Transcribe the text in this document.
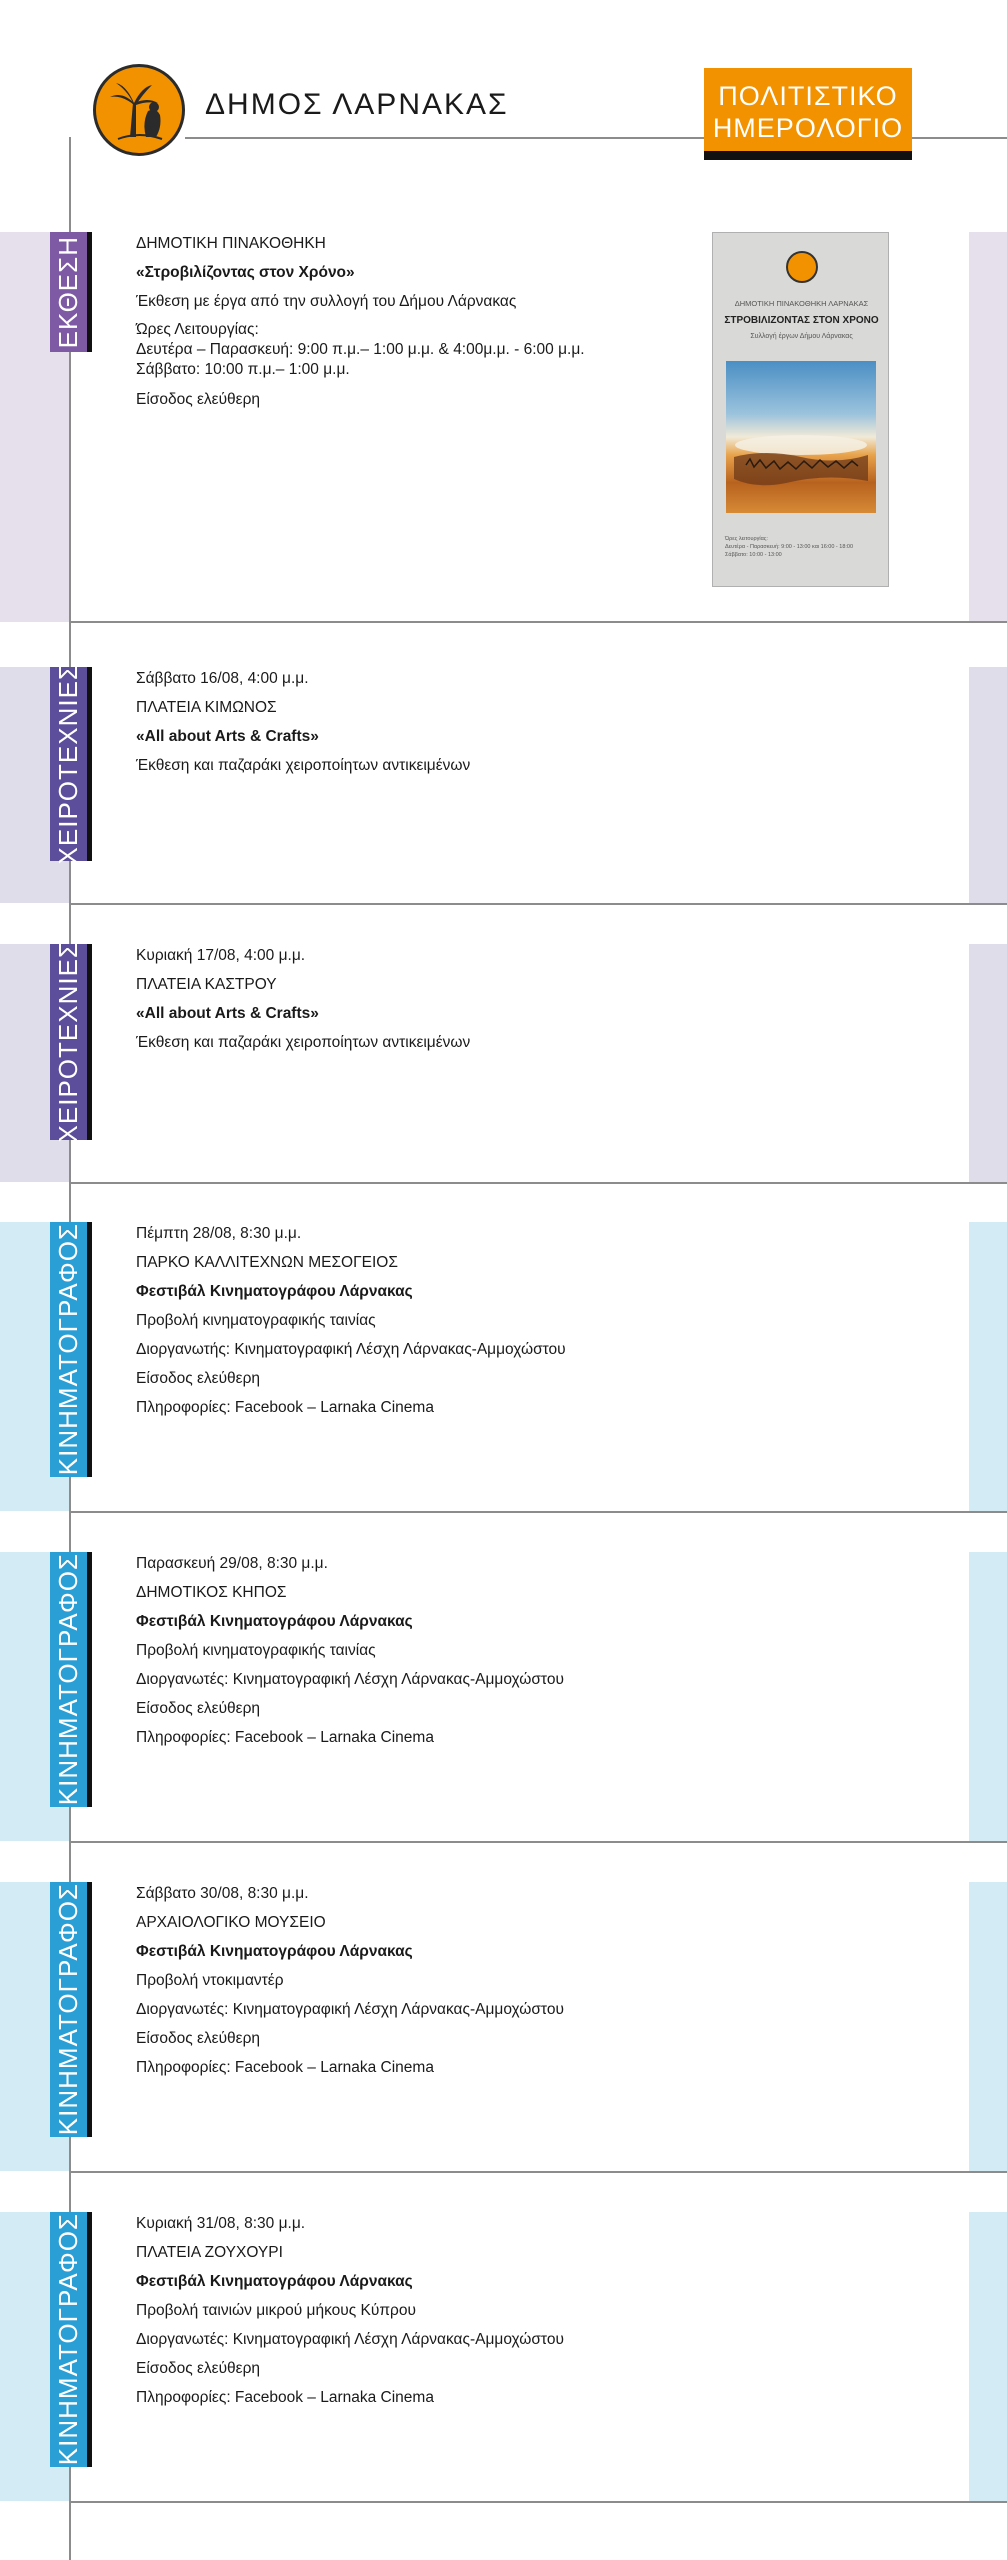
ΔΗΜΟΣ ΛΑΡΝΑΚΑΣ	ΠΟΛΙΤΙΣΤΙΚΟ
ΗΜΕΡΟΛΟΓΙΟ
ΕΚΘΕΣΗ	ΔΗΜΟΤΙΚΗ ΠΙΝΑΚΟΘΗΚΗ
«Στροβιλίζοντας στον Χρόνο»
Έκθεση με έργα από την συλλογή του Δήμου Λάρνακας
Ώρες Λειτουργίας:
Δευτέρα – Παρασκευή: 9:00 π.μ.– 1:00 μ.μ. & 4:00μ.μ. - 6:00 μ.μ.
Σάββατο: 10:00 π.μ.– 1:00 μ.μ.
Είσοδος ελεύθερη
ΔΗΜΟΤΙΚΗ ΠΙΝΑΚΟΘΗΚΗ ΛΑΡΝΑΚΑΣ
ΣΤΡΟΒΙΛΙΖΟΝΤΑΣ ΣΤΟΝ ΧΡΟΝΟ
Συλλογή έργων Δήμου Λάρνακας
Ώρες λειτουργίας:
Δευτέρα - Παρασκευή: 9:00 - 13:00 και 16:00 - 18:00
Σάββατο: 10:00 - 13:00
ΧΕΙΡΟΤΕΧΝΙΕΣ	Σάββατο 16/08, 4:00 μ.μ.
ΠΛΑΤΕΙΑ ΚΙΜΩΝΟΣ
«All about Arts & Crafts»
Έκθεση και παζαράκι χειροποίητων αντικειμένων
ΧΕΙΡΟΤΕΧΝΙΕΣ	Κυριακή 17/08, 4:00 μ.μ.
ΠΛΑΤΕΙΑ ΚΑΣΤΡΟΥ
«All about Arts & Crafts»
Έκθεση και παζαράκι χειροποίητων αντικειμένων
ΚΙΝΗΜΑΤΟΓΡΑΦΟΣ	Πέμπτη 28/08, 8:30 μ.μ.
ΠΑΡΚΟ ΚΑΛΛΙΤΕΧΝΩΝ ΜΕΣΟΓΕΙΟΣ
Φεστιβάλ Κινηματογράφου Λάρνακας
Προβολή κινηματογραφικής ταινίας
Διοργανωτής: Κινηματογραφική Λέσχη Λάρνακας-Αμμοχώστου
Είσοδος ελεύθερη
Πληροφορίες: Facebook – Larnaka Cinema
ΚΙΝΗΜΑΤΟΓΡΑΦΟΣ	Παρασκευή 29/08, 8:30 μ.μ.
ΔΗΜΟΤΙΚΟΣ ΚΗΠΟΣ
Φεστιβάλ Κινηματογράφου Λάρνακας
Προβολή κινηματογραφικής ταινίας
Διοργανωτές: Κινηματογραφική Λέσχη Λάρνακας-Αμμοχώστου
Είσοδος ελεύθερη
Πληροφορίες: Facebook – Larnaka Cinema
ΚΙΝΗΜΑΤΟΓΡΑΦΟΣ	Σάββατο 30/08, 8:30 μ.μ.
ΑΡΧΑΙΟΛΟΓΙΚΟ ΜΟΥΣΕΙΟ
Φεστιβάλ Κινηματογράφου Λάρνακας
Προβολή ντοκιμαντέρ
Διοργανωτές: Κινηματογραφική Λέσχη Λάρνακας-Αμμοχώστου
Είσοδος ελεύθερη
Πληροφορίες: Facebook – Larnaka Cinema
ΚΙΝΗΜΑΤΟΓΡΑΦΟΣ	Κυριακή 31/08, 8:30 μ.μ.
ΠΛΑΤΕΙΑ ΖΟΥΧΟΥΡΙ
Φεστιβάλ Κινηματογράφου Λάρνακας
Προβολή ταινιών μικρού μήκους Κύπρου
Διοργανωτές: Κινηματογραφική Λέσχη Λάρνακας-Αμμοχώστου
Είσοδος ελεύθερη
Πληροφορίες: Facebook – Larnaka Cinema
